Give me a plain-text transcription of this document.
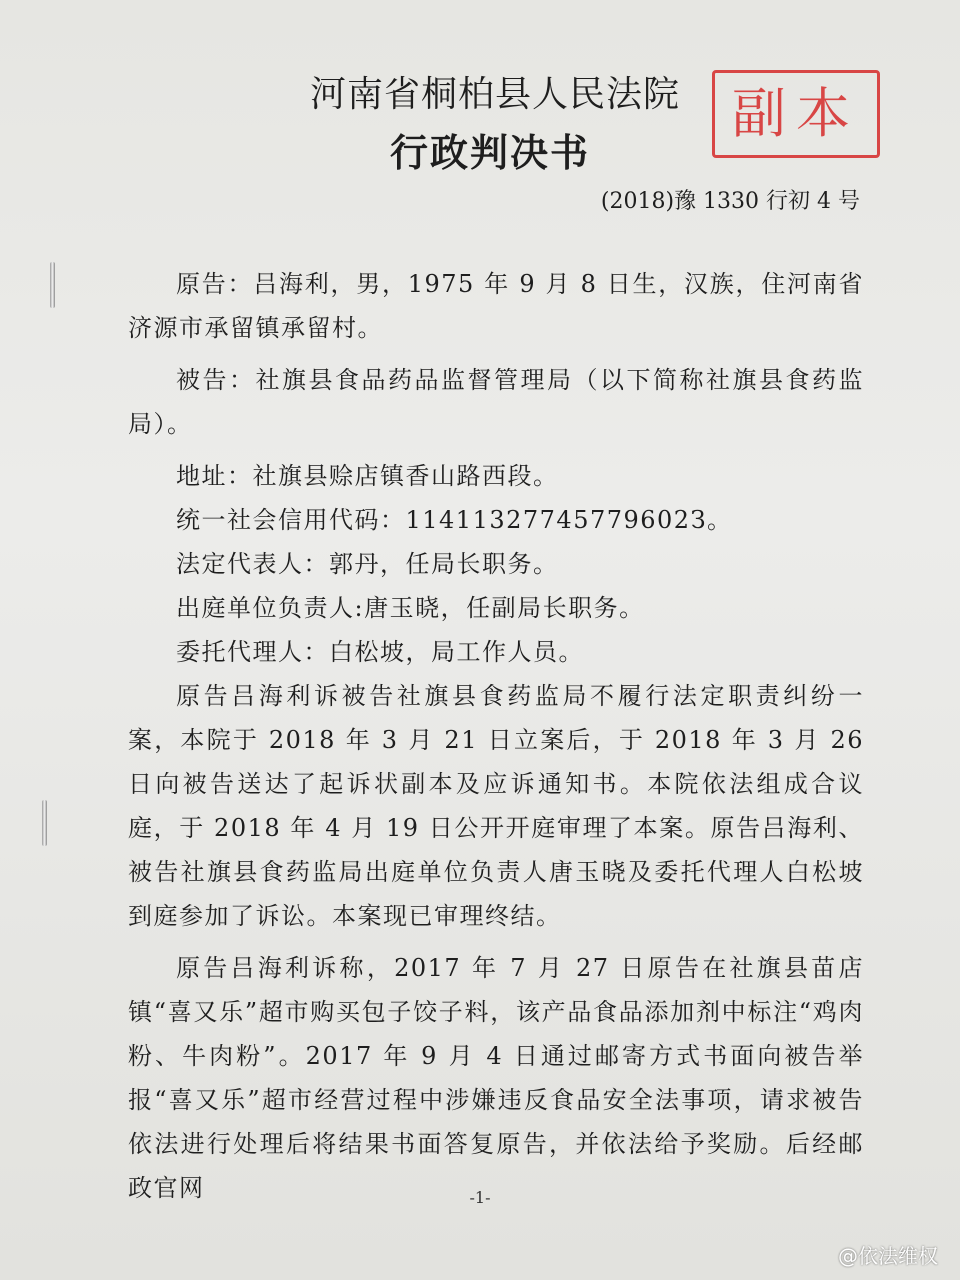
河南省桐柏县人民法院
行政判决书
副本
(2018)豫 1330 行初 4 号

原告：吕海利，男，1975 年 9 月 8 日生，汉族，住河南省济源市承留镇承留村。

被告：社旗县食品药品监督管理局（以下简称社旗县食药监局）。

地址：社旗县赊店镇香山路西段。

统一社会信用代码：11411327745779602З。

法定代表人：郭丹，任局长职务。

出庭单位负责人:唐玉晓，任副局长职务。

委托代理人：白松坡，局工作人员。

原告吕海利诉被告社旗县食药监局不履行法定职责纠纷一案，本院于 2018 年 3 月 21 日立案后，于 2018 年 3 月 26 日向被告送达了起诉状副本及应诉通知书。本院依法组成合议庭，于 2018 年 4 月 19 日公开开庭审理了本案。原告吕海利、被告社旗县食药监局出庭单位负责人唐玉晓及委托代理人白松坡到庭参加了诉讼。本案现已审理终结。

原告吕海利诉称，2017 年 7 月 27 日原告在社旗县苗店镇“喜又乐”超市购买包子饺子料，该产品食品添加剂中标注“鸡肉粉、牛肉粉”。2017 年 9 月 4 日通过邮寄方式书面向被告举报“喜又乐”超市经营过程中涉嫌违反食品安全法事项，请求被告依法进行处理后将结果书面答复原告，并依法给予奖励。后经邮政官网	-1-
@依法维权
